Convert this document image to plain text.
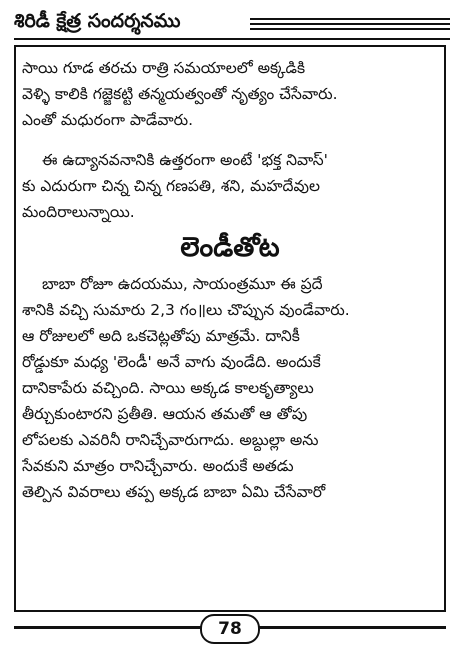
శిరిడీ క్షేత్ర సందర్శనము
సాయి గూడ తరచు రాత్రి సమయాలలో అక్కడికి
వెళ్ళి కాలికి గజ్జెకట్టి తన్మయత్వంతో నృత్యం చేసేవారు.
ఎంతో మధురంగా పాడేవారు.
ఈ ఉద్యానవనానికి ఉత్తరంగా అంటే 'భక్త నివాస్'
కు ఎదురుగా చిన్న చిన్న గణపతి, శని, మహదేవుల
మందిరాలున్నాయి.
లెండీతోట
బాబా రోజూ ఉదయము, సాయంత్రమూ ఈ ప్రదే
శానికి వచ్చి సుమారు 2,3 గం॥లు చొప్పున వుండేవారు.
ఆ రోజులలో అది ఒకచెట్లతోపు మాత్రమే. దానికీ
రోడ్డుకూ మధ్య 'లెండీ' అనే వాగు వుండేది. అందుకే
దానికాపేరు వచ్చింది. సాయి అక్కడ కాలకృత్యాలు
తీర్చుకుంటారని ప్రతీతి. ఆయన తమతో ఆ తోపు
లోపలకు ఎవరినీ రానిచ్చేవారుగాదు. అబ్దుల్లా అను
సేవకుని మాత్రం రానిచ్చేవారు. అందుకే అతడు
తెల్పిన వివరాలు తప్ప అక్కడ బాబా ఏమి చేసేవారో
78
